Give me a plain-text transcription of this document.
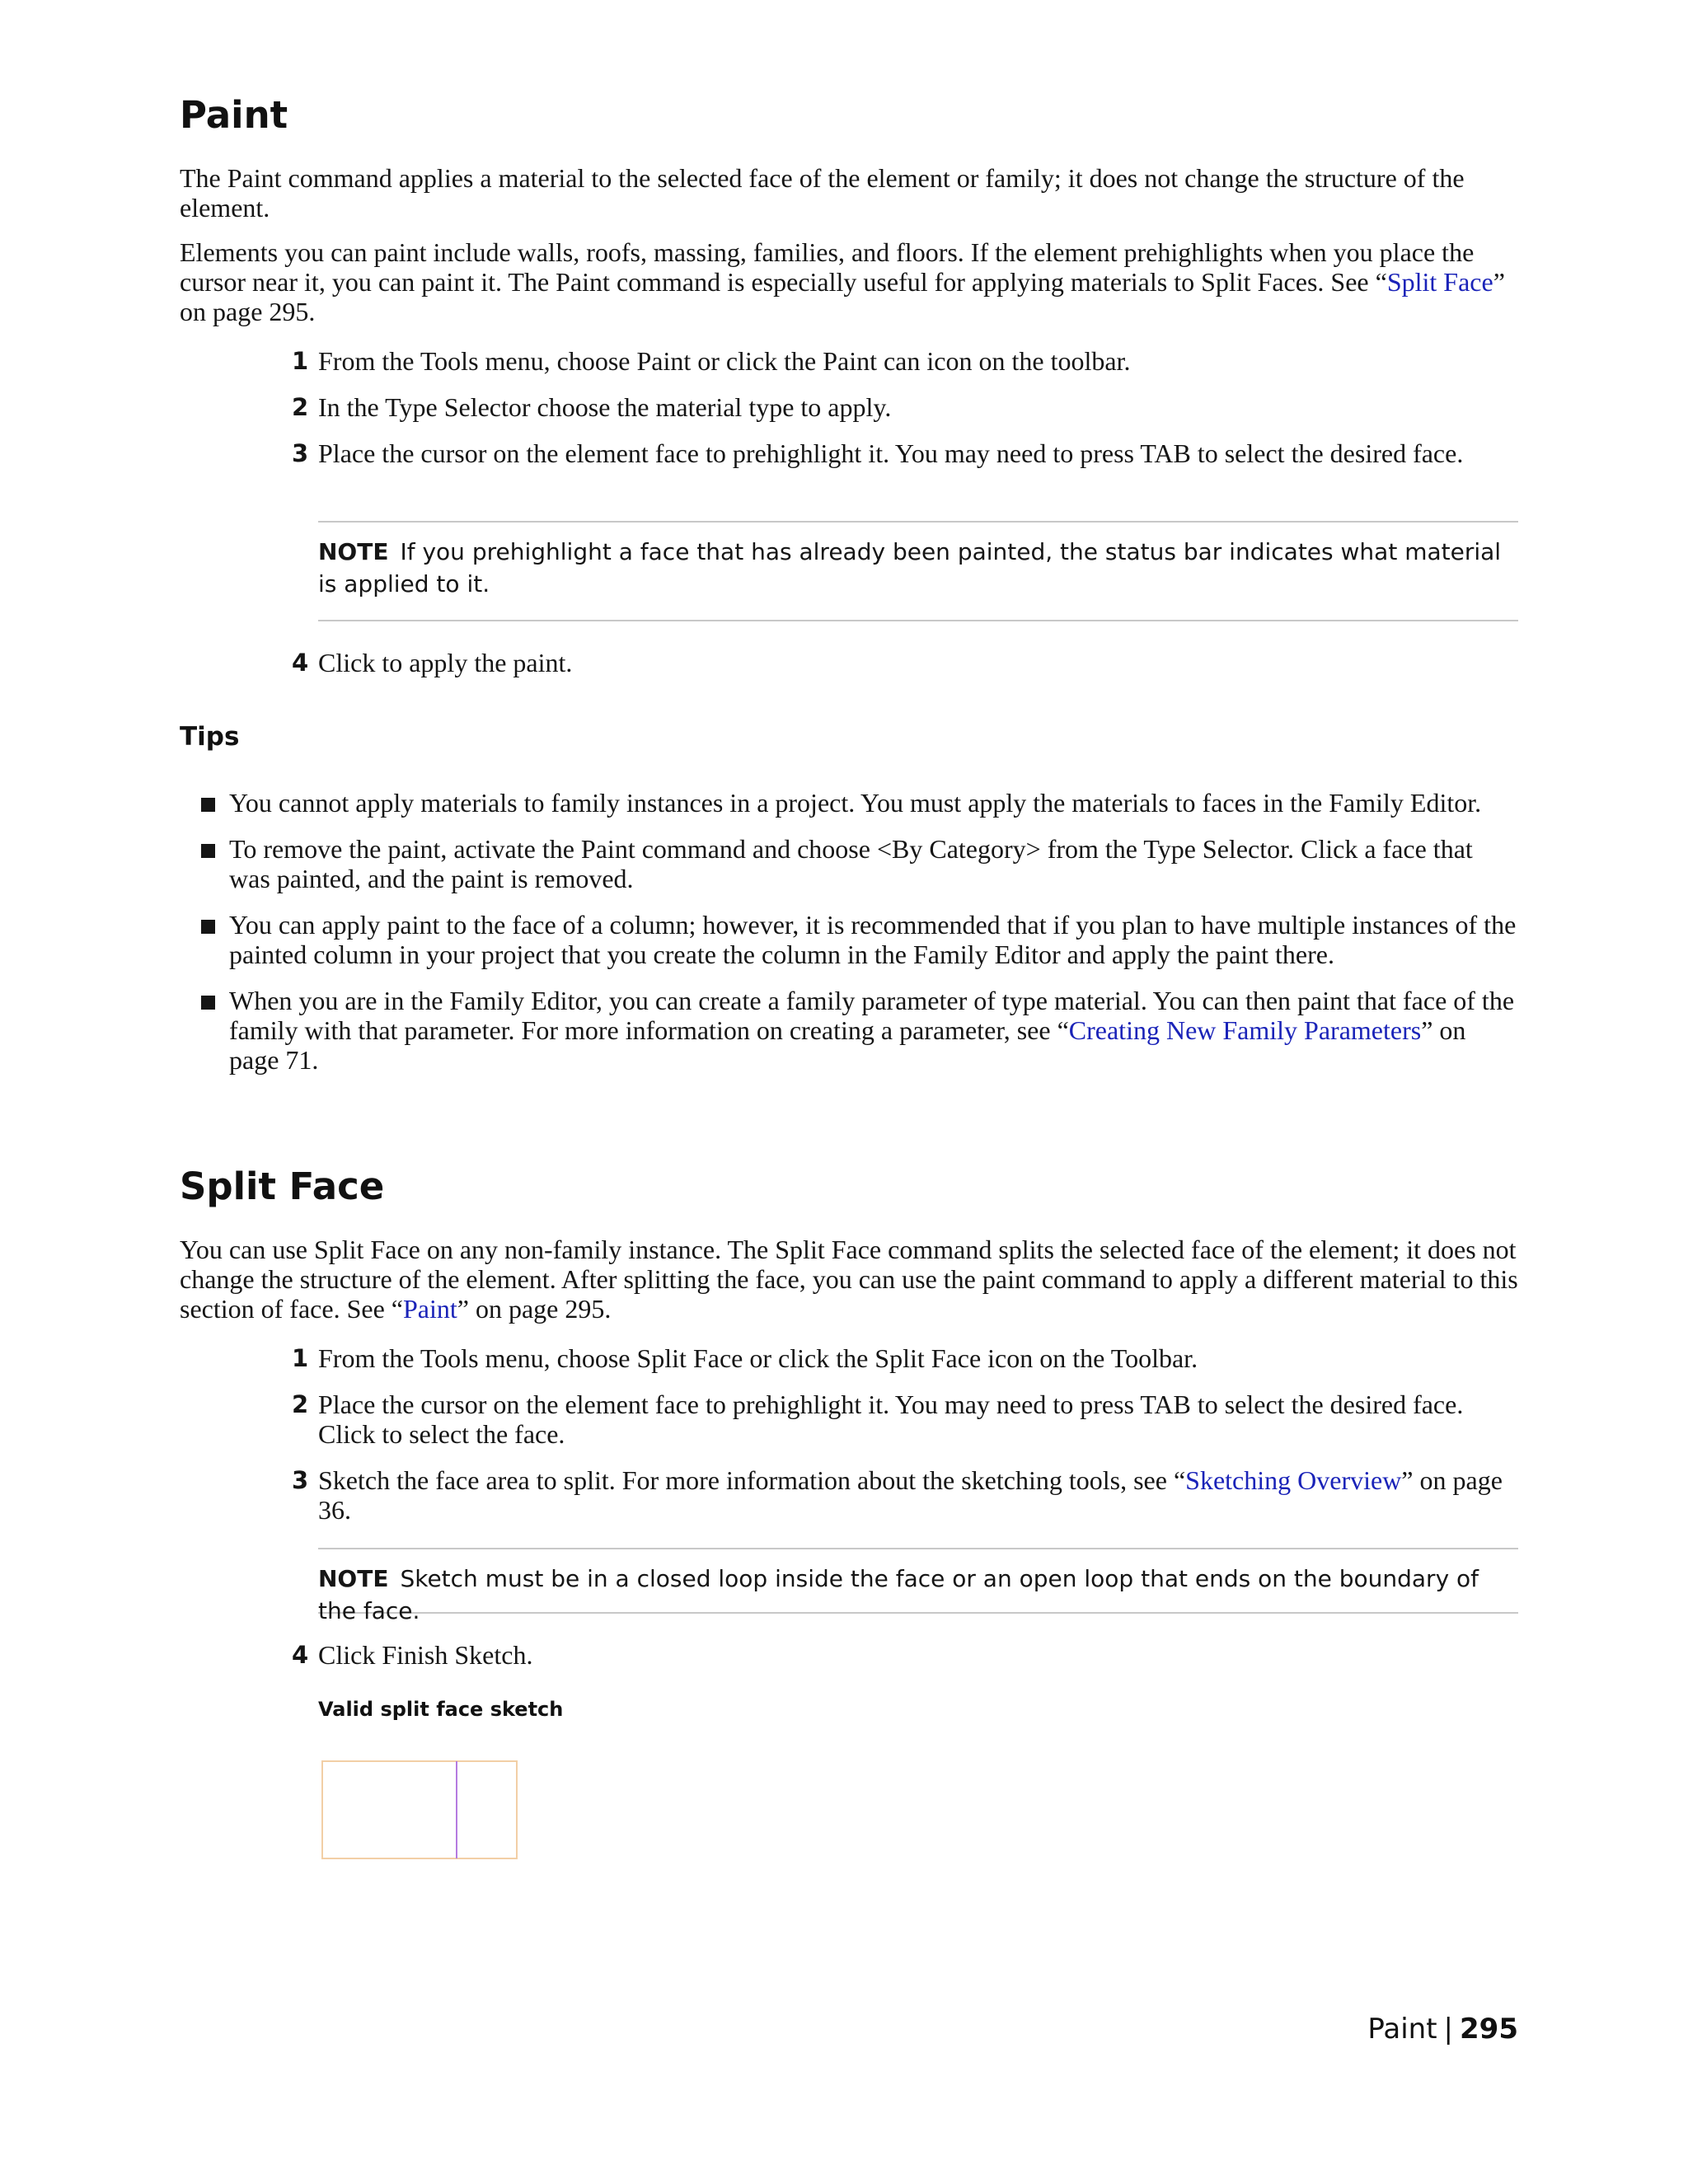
Paint

The Paint command applies a material to the selected face of the element or family; it does not change the structure of the element.

Elements you can paint include walls, roofs, massing, families, and floors. If the element prehighlights when you place the cursor near it, you can paint it. The Paint command is especially useful for applying materials to Split Faces. See “Split Face” on page 295.

1 From the Tools menu, choose Paint or click the Paint can icon on the toolbar.
2 In the Type Selector choose the material type to apply.
3 Place the cursor on the element face to prehighlight it. You may need to press TAB to select the desired face.
NOTE If you prehighlight a face that has already been painted, the status bar indicates what material is applied to it.
4 Click to apply the paint.
Tips
You cannot apply materials to family instances in a project. You must apply the materials to faces in the Family Editor.
To remove the paint, activate the Paint command and choose <By Category> from the Type Selector. Click a face that was painted, and the paint is removed.
You can apply paint to the face of a column; however, it is recommended that if you plan to have multiple instances of the painted column in your project that you create the column in the Family Editor and apply the paint there.
When you are in the Family Editor, you can create a family parameter of type material. You can then paint that face of the family with that parameter. For more information on creating a parameter, see “Creating New Family Parameters” on page 71.
Split Face

You can use Split Face on any non-family instance. The Split Face command splits the selected face of the element; it does not change the structure of the element. After splitting the face, you can use the paint command to apply a different material to this section of face. See “Paint” on page 295.

1 From the Tools menu, choose Split Face or click the Split Face icon on the Toolbar.
2 Place the cursor on the element face to prehighlight it. You may need to press TAB to select the desired face. Click to select the face.
3 Sketch the face area to split. For more information about the sketching tools, see “Sketching Overview” on page 36.
NOTE Sketch must be in a closed loop inside the face or an open loop that ends on the boundary of the face.
4 Click Finish Sketch.
Valid split face sketch
Paint | 295
